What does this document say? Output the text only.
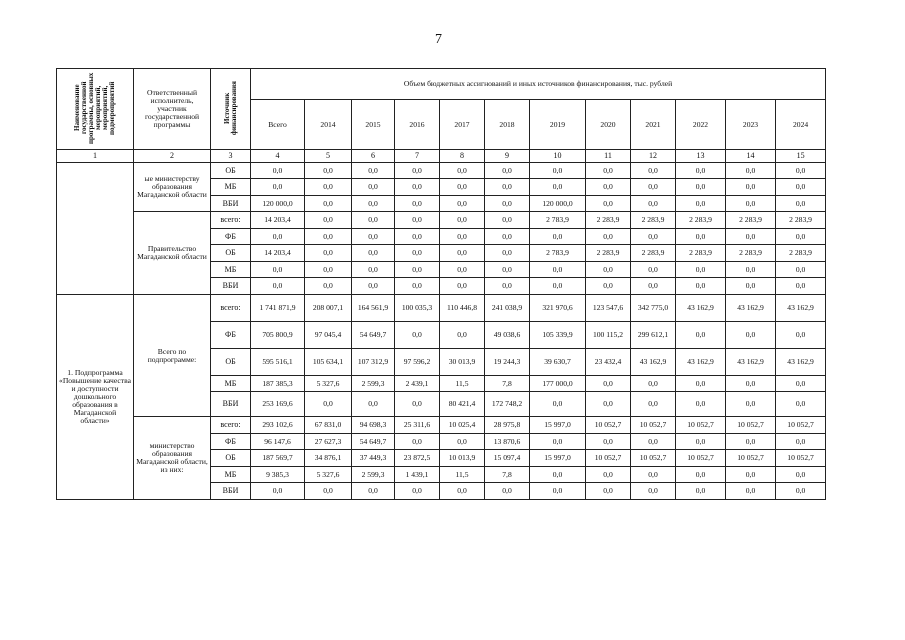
7
Наименование государственной программы, основных мероприятий, мероприятий, подмероприятий	Ответственный исполнитель, участник государственной программы	Источник финансирования	Объем бюджетных ассигнований и иных источников финансирования, тыс. рублей											
			Всего	2014	2015	2016	2017	2018	2019	2020	2021	2022	2023	2024
1	2	3	4	5	6	7	8	9	10	11	12	13	14	15
	ые министерству образования Магаданской области	ОБ	0,0	0,0	0,0	0,0	0,0	0,0	0,0	0,0	0,0	0,0	0,0	0,0
		МБ	0,0	0,0	0,0	0,0	0,0	0,0	0,0	0,0	0,0	0,0	0,0	0,0
		ВБИ	120 000,0	0,0	0,0	0,0	0,0	0,0	120 000,0	0,0	0,0	0,0	0,0	0,0
	Правительство Магаданской области	всего:	14 203,4	0,0	0,0	0,0	0,0	0,0	2 783,9	2 283,9	2 283,9	2 283,9	2 283,9	2 283,9
		ФБ	0,0	0,0	0,0	0,0	0,0	0,0	0,0	0,0	0,0	0,0	0,0	0,0
		ОБ	14 203,4	0,0	0,0	0,0	0,0	0,0	2 783,9	2 283,9	2 283,9	2 283,9	2 283,9	2 283,9
		МБ	0,0	0,0	0,0	0,0	0,0	0,0	0,0	0,0	0,0	0,0	0,0	0,0
		ВБИ	0,0	0,0	0,0	0,0	0,0	0,0	0,0	0,0	0,0	0,0	0,0	0,0
1. Подпрограмма «Повышение качества и доступности дошкольного образования в Магаданской области»	Всего по подпрограмме:	всего:	1 741 871,9	208 007,1	164 561,9	100 035,3	110 446,8	241 038,9	321 970,6	123 547,6	342 775,0	43 162,9	43 162,9	43 162,9
		ФБ	705 800,9	97 045,4	54 649,7	0,0	0,0	49 038,6	105 339,9	100 115,2	299 612,1	0,0	0,0	0,0
		ОБ	595 516,1	105 634,1	107 312,9	97 596,2	30 013,9	19 244,3	39 630,7	23 432,4	43 162,9	43 162,9	43 162,9	43 162,9
		МБ	187 385,3	5 327,6	2 599,3	2 439,1	11,5	7,8	177 000,0	0,0	0,0	0,0	0,0	0,0
		ВБИ	253 169,6	0,0	0,0	0,0	80 421,4	172 748,2	0,0	0,0	0,0	0,0	0,0	0,0
	министерство образования Магаданской области, из них:	всего:	293 102,6	67 831,0	94 698,3	25 311,6	10 025,4	28 975,8	15 997,0	10 052,7	10 052,7	10 052,7	10 052,7	10 052,7
		ФБ	96 147,6	27 627,3	54 649,7	0,0	0,0	13 870,6	0,0	0,0	0,0	0,0	0,0	0,0
		ОБ	187 569,7	34 876,1	37 449,3	23 872,5	10 013,9	15 097,4	15 997,0	10 052,7	10 052,7	10 052,7	10 052,7	10 052,7
		МБ	9 385,3	5 327,6	2 599,3	1 439,1	11,5	7,8	0,0	0,0	0,0	0,0	0,0	0,0
		ВБИ	0,0	0,0	0,0	0,0	0,0	0,0	0,0	0,0	0,0	0,0	0,0	0,0
